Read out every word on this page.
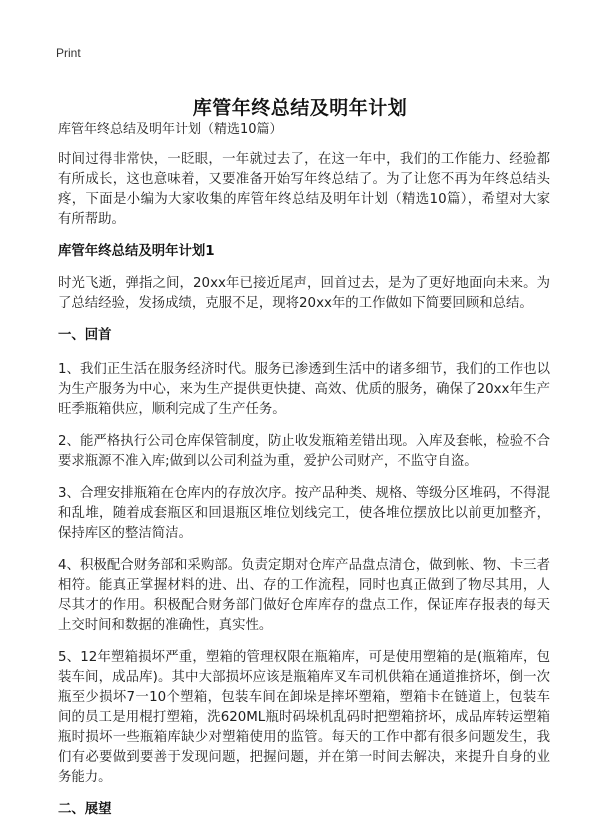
Print
库管年终总结及明年计划
库管年终总结及明年计划（精选10篇）

时间过得非常快，一眨眼，一年就过去了，在这一年中，我们的工作能力、经验都有所成长，这也意味着，又要准备开始写年终总结了。为了让您不再为年终总结头疼，下面是小编为大家收集的库管年终总结及明年计划（精选10篇），希望对大家有所帮助。

库管年终总结及明年计划1

时光飞逝，弹指之间，20xx年已接近尾声，回首过去，是为了更好地面向未来。为了总结经验，发扬成绩，克服不足，现将20xx年的工作做如下简要回顾和总结。

一、回首

1、我们正生活在服务经济时代。服务已渗透到生活中的诸多细节，我们的工作也以为生产服务为中心，来为生产提供更快捷、高效、优质的服务，确保了20xx年生产旺季瓶箱供应，顺利完成了生产任务。

2、能严格执行公司仓库保管制度，防止收发瓶箱差错出现。入库及套帐，检验不合要求瓶源不准入库;做到以公司利益为重，爱护公司财产，不监守自盗。

3、合理安排瓶箱在仓库内的存放次序。按产品种类、规格、等级分区堆码，不得混和乱堆，随着成套瓶区和回退瓶区堆位划线完工，使各堆位摆放比以前更加整齐，保持库区的整洁简洁。

4、积极配合财务部和采购部。负责定期对仓库产品盘点清仓，做到帐、物、卡三者相符。能真正掌握材料的进、出、存的工作流程，同时也真正做到了物尽其用，人尽其才的作用。积极配合财务部门做好仓库库存的盘点工作，保证库存报表的每天上交时间和数据的准确性，真实性。

5、12年塑箱损坏严重，塑箱的管理权限在瓶箱库，可是使用塑箱的是(瓶箱库，包装车间，成品库)。其中大部损坏应该是瓶箱库叉车司机供箱在通道推挤坏，倒一次瓶至少损坏7一10个塑箱，包装车间在卸垛是摔坏塑箱，塑箱卡在链道上，包装车间的员工是用棍打塑箱，洗620ML瓶时码垛机乱码时把塑箱挤坏，成品库转运塑箱瓶时损坏一些瓶箱库缺少对塑箱使用的监管。每天的工作中都有很多问题发生，我们有必要做到要善于发现问题，把握问题，并在第一时间去解决，来提升自身的业务能力。

二、展望
